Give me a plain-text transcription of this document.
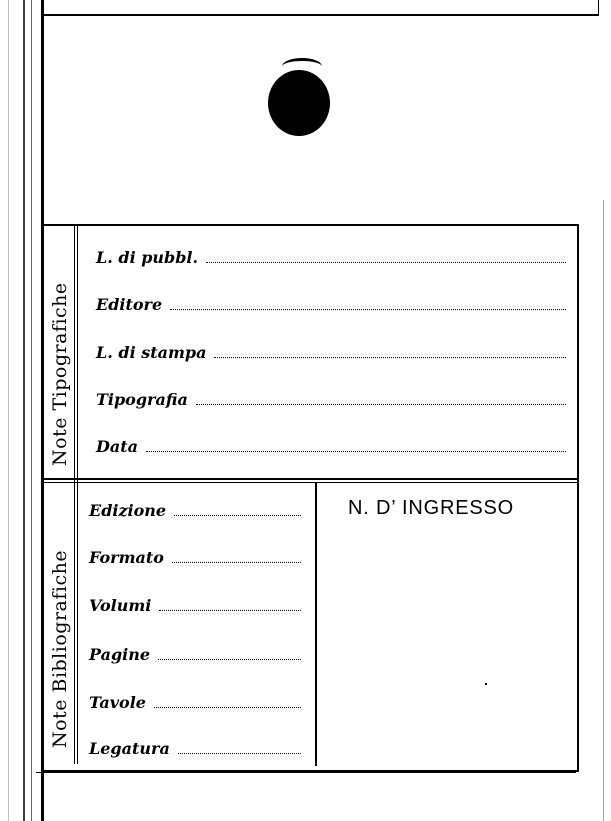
Note Tipografiche
Note Bibliografiche
L. di pubbl.
Editore
L. di stampa
Tipografia
Data
Edizione
Formato
Volumi
Pagine
Tavole
Legatura
N. D’ INGRESSO
